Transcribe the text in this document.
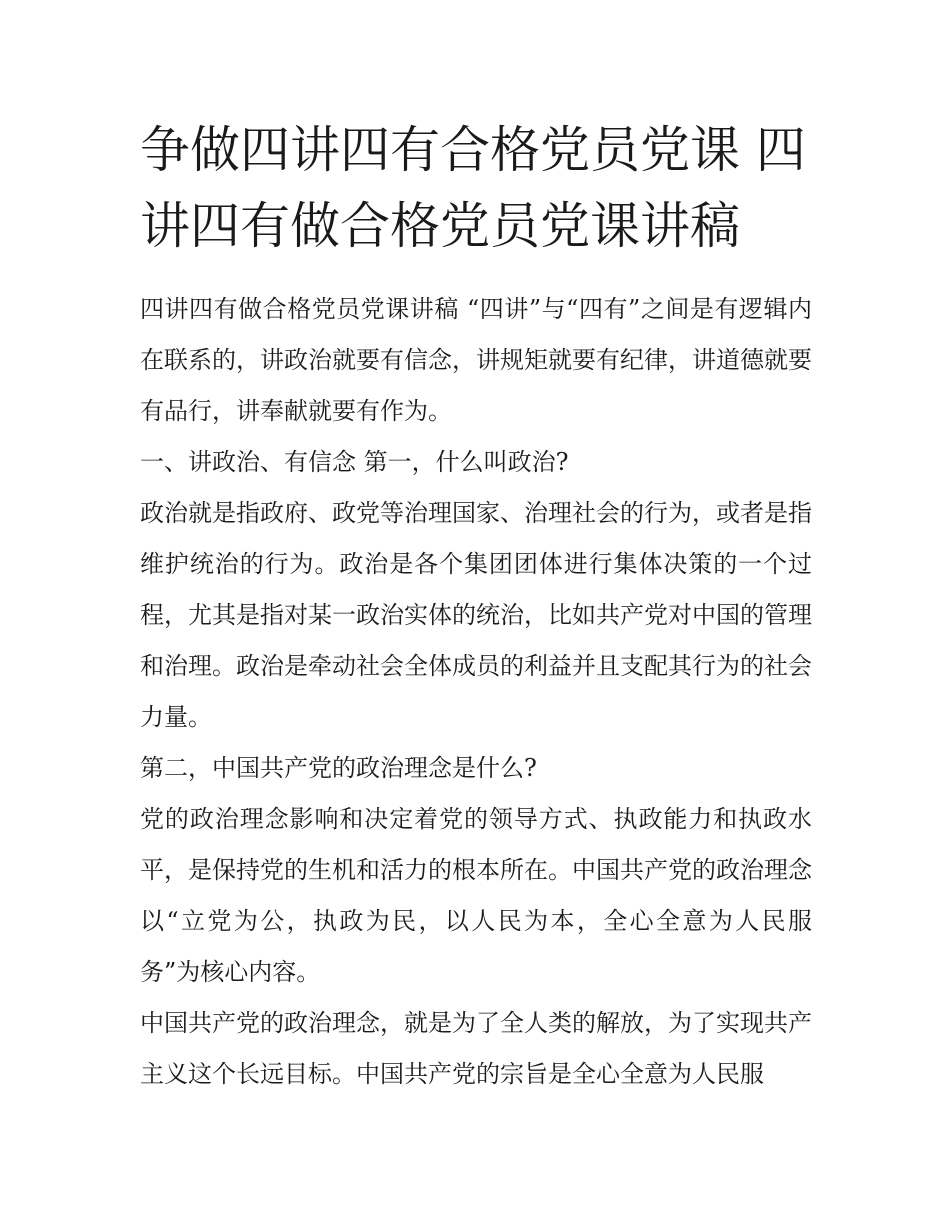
争做四讲四有合格党员党课 四讲四有做合格党员党课讲稿

四讲四有做合格党员党课讲稿 “四讲”与“四有”之间是有逻辑内在联系的，讲政治就要有信念，讲规矩就要有纪律，讲道德就要有品行，讲奉献就要有作为。

一、讲政治、有信念 第一，什么叫政治?

政治就是指政府、政党等治理国家、治理社会的行为，或者是指维护统治的行为。政治是各个集团团体进行集体决策的一个过程，尤其是指对某一政治实体的统治，比如共产党对中国的管理和治理。政治是牵动社会全体成员的利益并且支配其行为的社会力量。

第二，中国共产党的政治理念是什么?

党的政治理念影响和决定着党的领导方式、执政能力和执政水平，是保持党的生机和活力的根本所在。中国共产党的政治理念以“立党为公，执政为民，以人民为本，全心全意为人民服务”为核心内容。

中国共产党的政治理念，就是为了全人类的解放，为了实现共产主义这个长远目标。中国共产党的宗旨是全心全意为人民服
